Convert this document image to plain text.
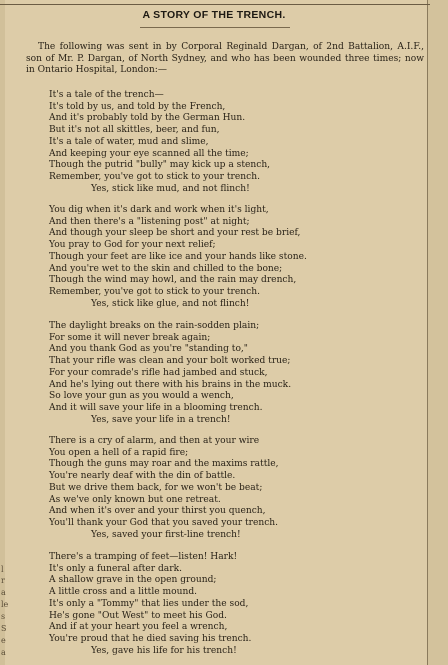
A STORY OF THE TRENCH.
The following was sent in by Corporal Reginald Dargan, of 2nd Battalion, A.I.F., son of Mr. P. Dargan, of North Sydney, and who has been wounded three times; now in Ontario Hospital, London:—
It's a tale of the trench—
It's told by us, and told by the French,
And it's probably told by the German Hun.
But it's not all skittles, beer, and fun,
It's a tale of water, mud and slime,
And keeping your eye scanned all the time;
Though the putrid "bully" may kick up a stench,
Remember, you've got to stick to your trench.
Yes, stick like mud, and not flinch!
You dig when it's dark and work when it's light,
And then there's a "listening post" at night;
And though your sleep be short and your rest be brief,
You pray to God for your next relief;
Though your feet are like ice and your hands like stone.
And you're wet to the skin and chilled to the bone;
Though the wind may howl, and the rain may drench,
Remember, you've got to stick to your trench.
Yes, stick like glue, and not flinch!
The daylight breaks on the rain-sodden plain;
For some it will never break again;
And you thank God as you're "standing to,"
That your rifle was clean and your bolt worked true;
For your comrade's rifle had jambed and stuck,
And he's lying out there with his brains in the muck.
So love your gun as you would a wench,
And it will save your life in a blooming trench.
Yes, save your life in a trench!
There is a cry of alarm, and then at your wire
You open a hell of a rapid fire;
Though the guns may roar and the maxims rattle,
You're nearly deaf with the din of battle.
But we drive them back, for we won't be beat;
As we've only known but one retreat.
And when it's over and your thirst you quench,
You'll thank your God that you saved your trench.
Yes, saved your first-line trench!
There's a tramping of feet—listen! Hark!
It's only a funeral after dark.
A shallow grave in the open ground;
A little cross and a little mound.
It's only a "Tommy" that lies under the sod,
He's gone "Out West" to meet his God.
And if at your heart you feel a wrench,
You're proud that he died saving his trench.
Yes, gave his life for his trench!
l
r
a
le
s
S
e
a
